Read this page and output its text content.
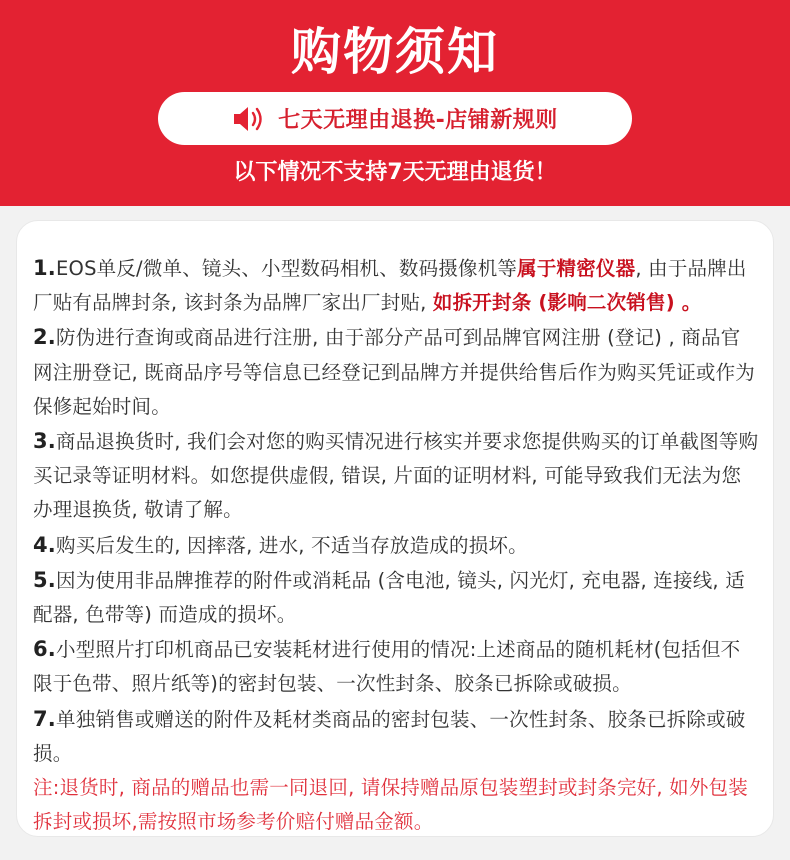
购物须知
七天无理由退换-店铺新规则
以下情况不支持7天无理由退货！

1.EOS单反/微单、镜头、小型数码相机、数码摄像机等属于精密仪器, 由于品牌出厂贴有品牌封条, 该封条为品牌厂家出厂封贴, 如拆开封条 (影响二次销售) 。

2.防伪进行查询或商品进行注册, 由于部分产品可到品牌官网注册 (登记) , 商品官网注册登记, 既商品序号等信息已经登记到品牌方并提供给售后作为购买凭证或作为保修起始时间。

3.商品退换货时, 我们会对您的购买情况进行核实并要求您提供购买的订单截图等购买记录等证明材料。如您提供虚假, 错误, 片面的证明材料, 可能导致我们无法为您办理退换货, 敬请了解。

4.购买后发生的, 因摔落, 进水, 不适当存放造成的损坏。

5.因为使用非品牌推荐的附件或消耗品 (含电池, 镜头, 闪光灯, 充电器, 连接线, 适配器, 色带等) 而造成的损坏。

6.小型照片打印机商品已安装耗材进行使用的情况:上述商品的随机耗材(包括但不限于色带、照片纸等)的密封包装、一次性封条、胶条已拆除或破损。

7.单独销售或赠送的附件及耗材类商品的密封包装、一次性封条、胶条已拆除或破损。

注:退货时, 商品的赠品也需一同退回, 请保持赠品原包装塑封或封条完好, 如外包装拆封或损坏,需按照市场参考价赔付赠品金额。
